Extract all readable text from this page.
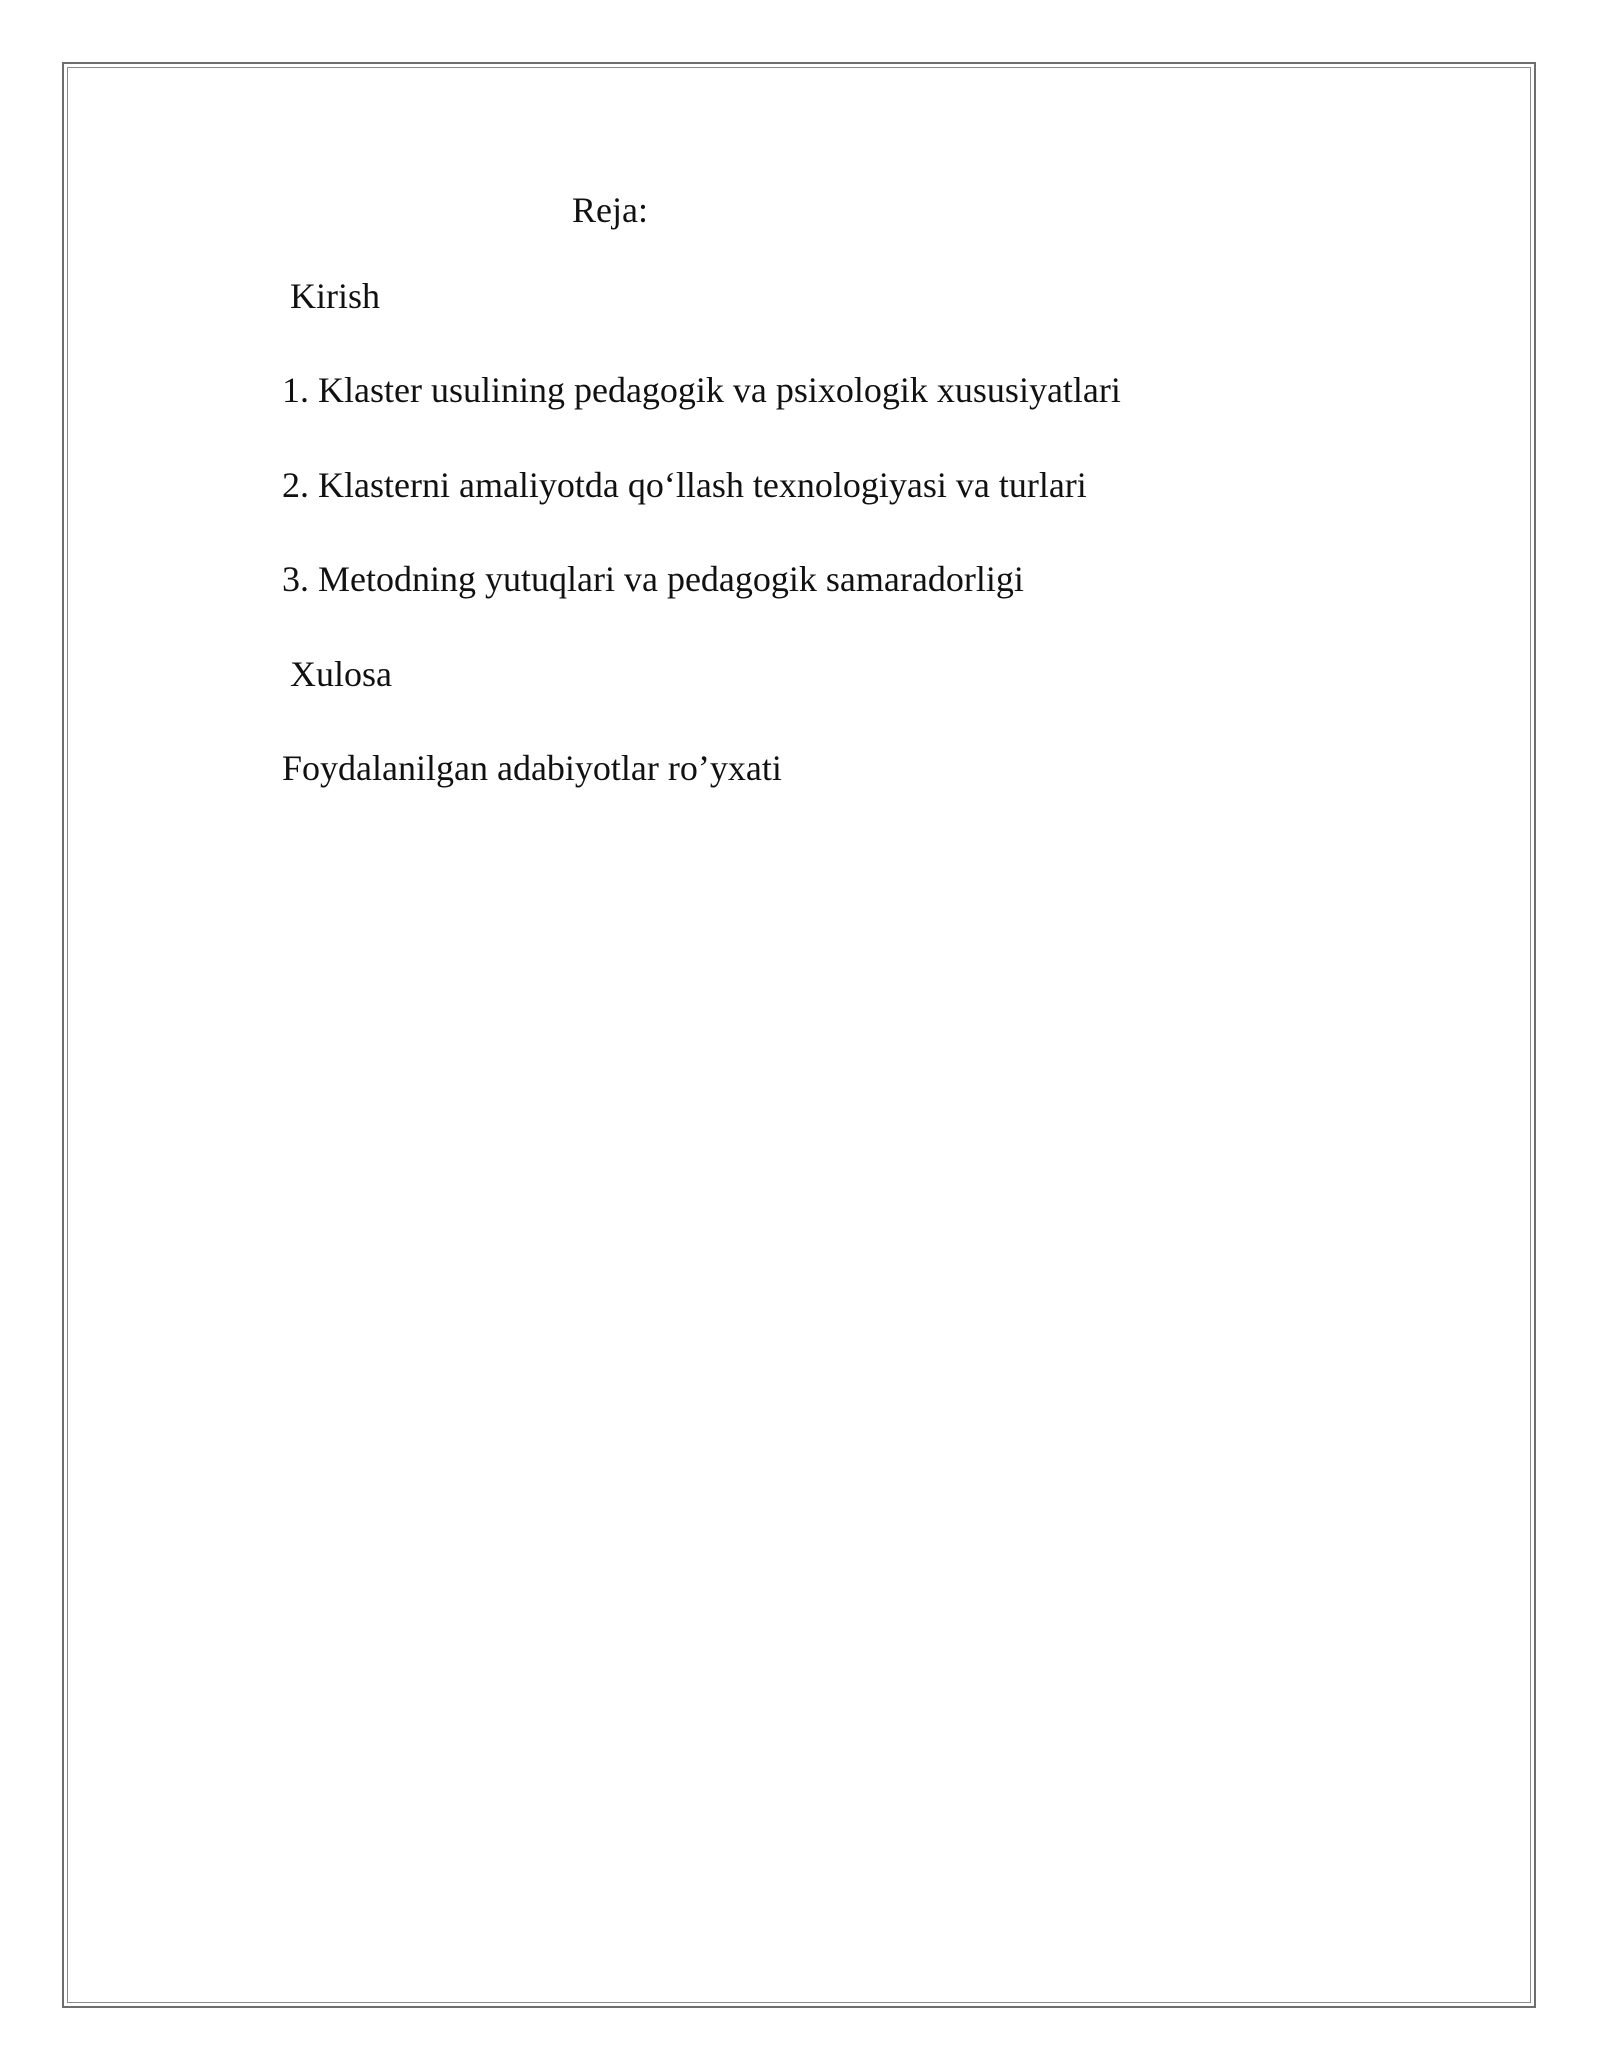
Reja:
Kirish
1. Klaster usulining pedagogik va psixologik xususiyatlari
2. Klasterni amaliyotda qo‘llash texnologiyasi va turlari
3. Metodning yutuqlari va pedagogik samaradorligi
Xulosa
Foydalanilgan adabiyotlar ro’yxati
